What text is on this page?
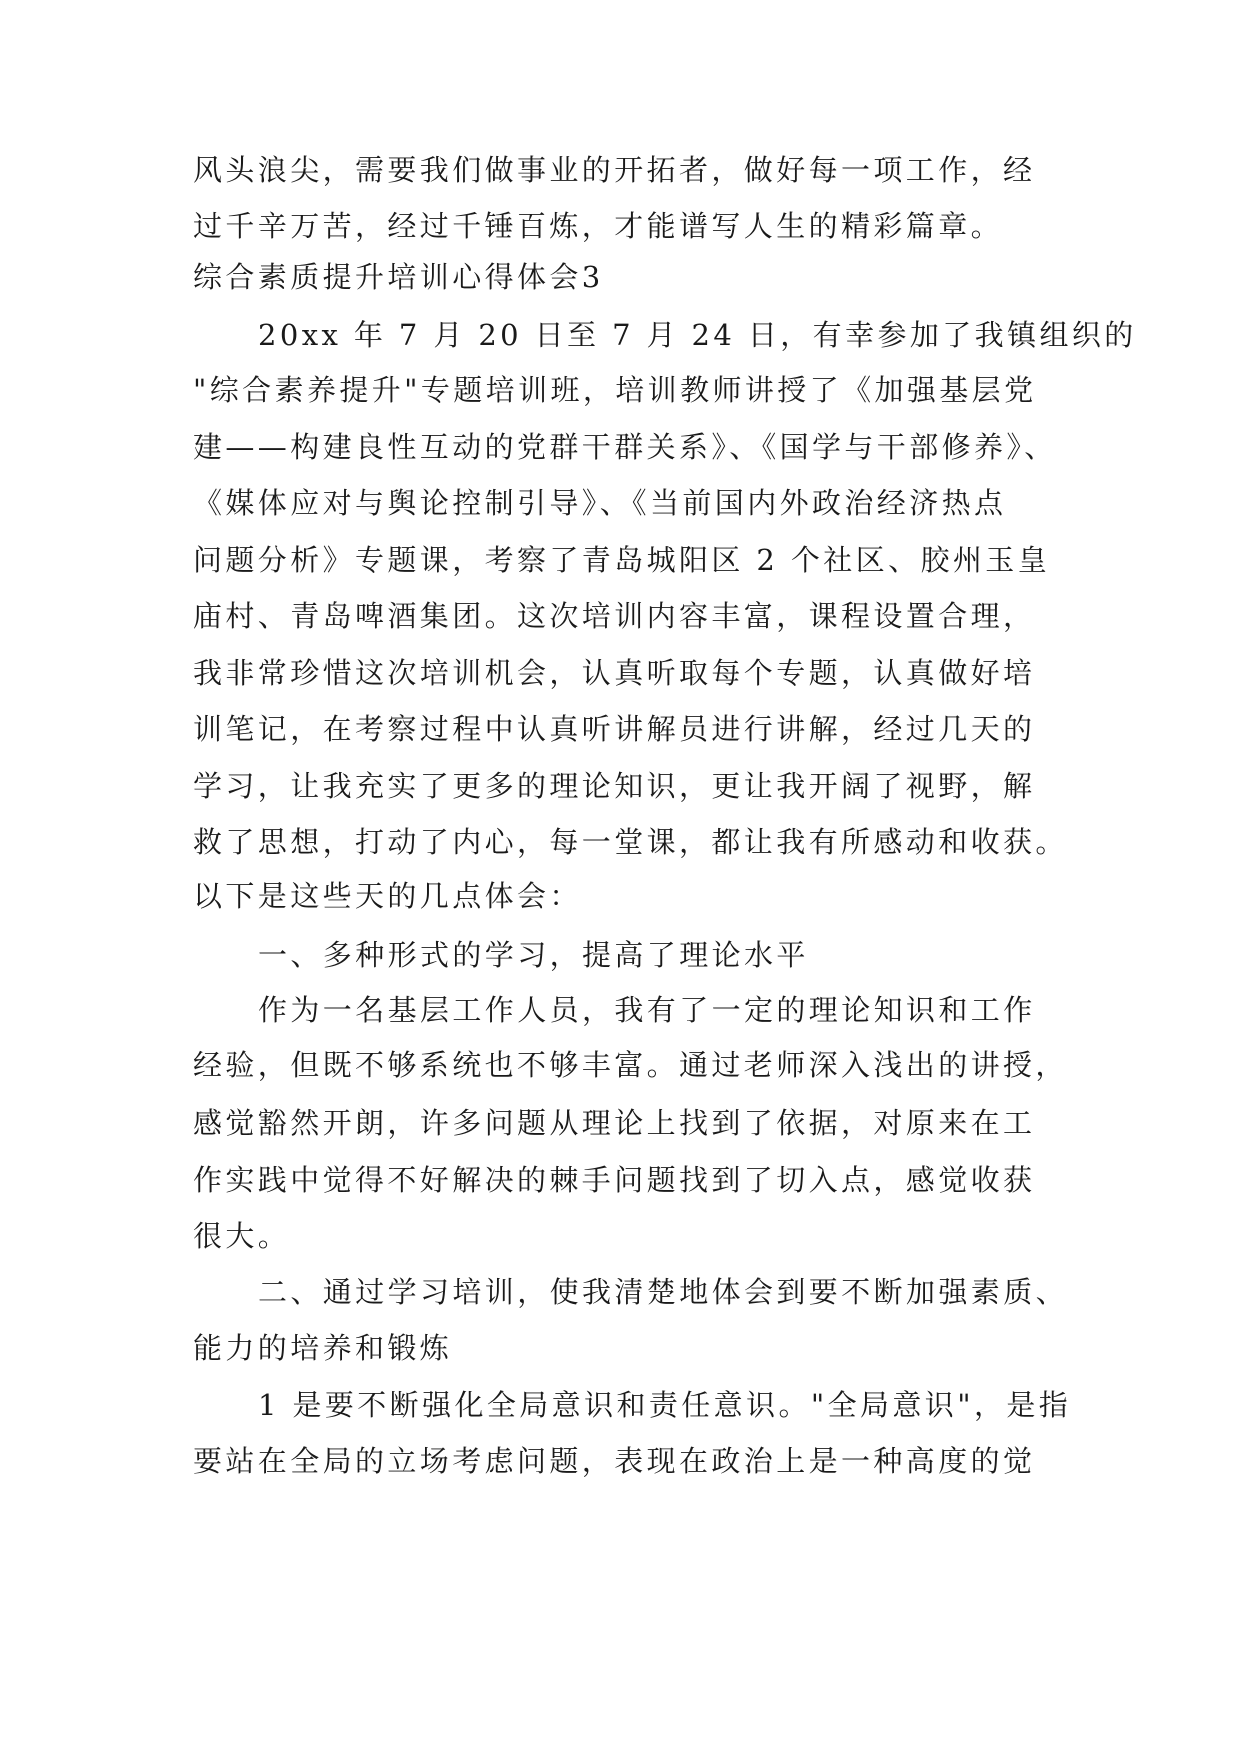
风头浪尖，需要我们做事业的开拓者，做好每一项工作，经
过千辛万苦，经过千锤百炼，才能谱写人生的精彩篇章。
综合素质提升培训心得体会3
20xx 年 7 月 20 日至 7 月 24 日，有幸参加了我镇组织的
"综合素养提升"专题培训班，培训教师讲授了《加强基层党
建——构建良性互动的党群干群关系》、《国学与干部修养》、
《媒体应对与舆论控制引导》、《当前国内外政治经济热点
问题分析》专题课，考察了青岛城阳区 2 个社区、胶州玉皇
庙村、青岛啤酒集团。这次培训内容丰富，课程设置合理，
我非常珍惜这次培训机会，认真听取每个专题，认真做好培
训笔记，在考察过程中认真听讲解员进行讲解，经过几天的
学习，让我充实了更多的理论知识，更让我开阔了视野，解
救了思想，打动了内心，每一堂课，都让我有所感动和收获。
以下是这些天的几点体会：
一、多种形式的学习，提高了理论水平
作为一名基层工作人员，我有了一定的理论知识和工作
经验，但既不够系统也不够丰富。通过老师深入浅出的讲授，
感觉豁然开朗，许多问题从理论上找到了依据，对原来在工
作实践中觉得不好解决的棘手问题找到了切入点，感觉收获
很大。
二、通过学习培训，使我清楚地体会到要不断加强素质、
能力的培养和锻炼
1 是要不断强化全局意识和责任意识。"全局意识"，是指
要站在全局的立场考虑问题，表现在政治上是一种高度的觉
